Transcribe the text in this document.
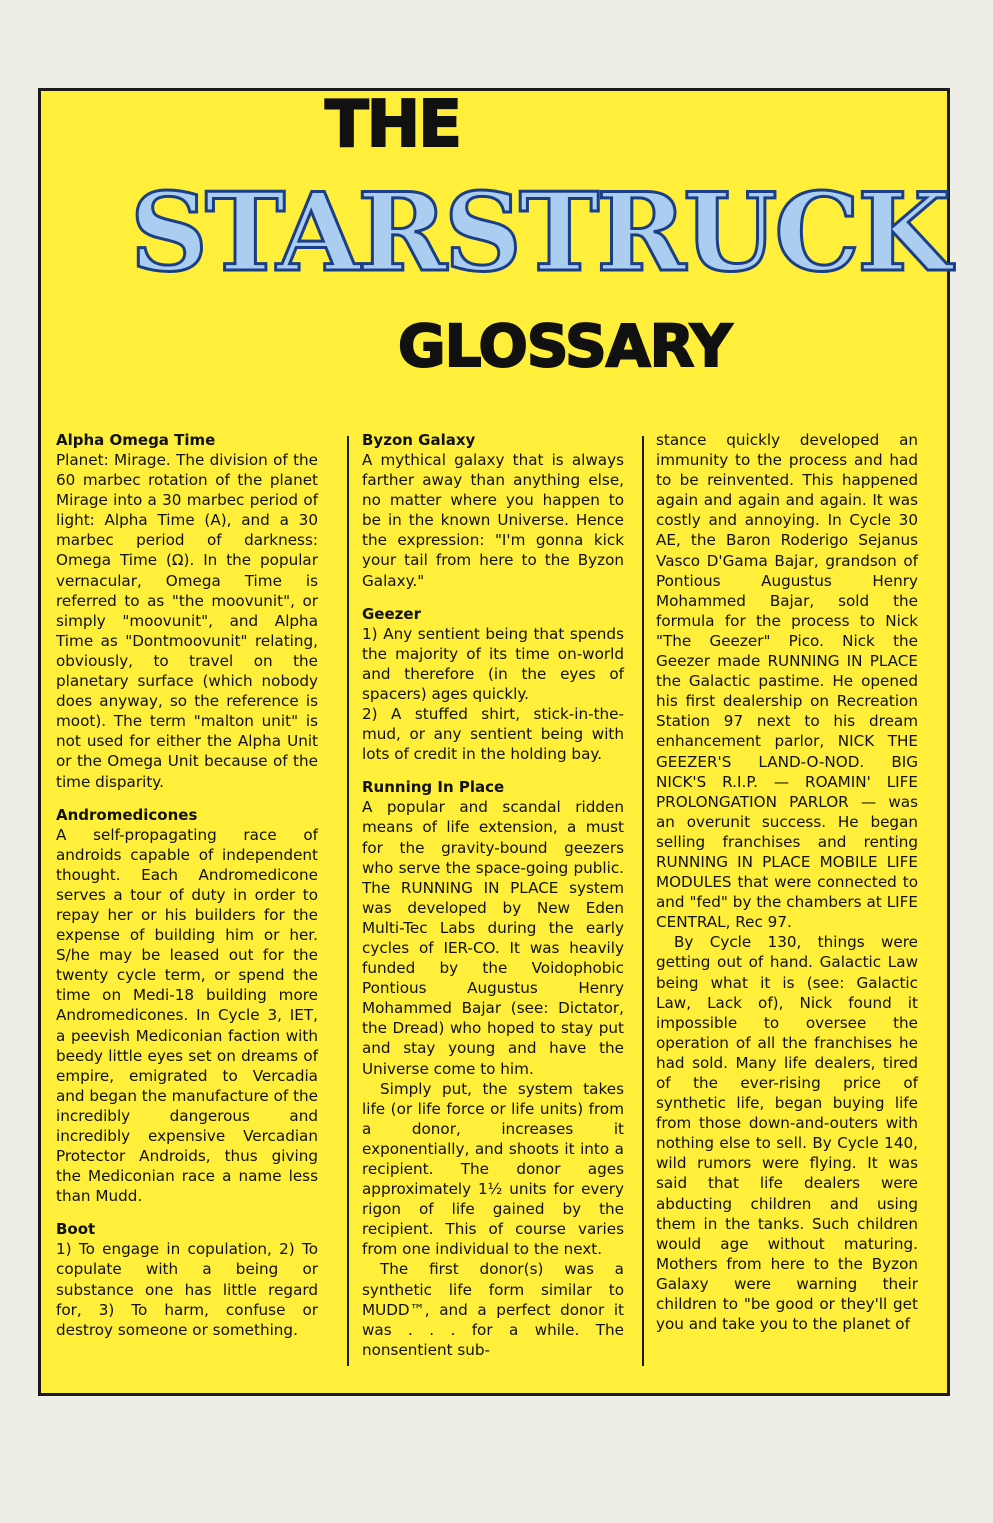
THE
STARSTRUCK
GLOSSARY
Alpha Omega Time
Planet: Mirage. The division of the 60 marbec rotation of the planet Mirage into a 30 marbec period of light: Alpha Time (A), and a 30 marbec period of darkness: Omega Time (Ω). In the popular vernacular, Omega Time is referred to as "the moovunit", or simply "moovunit", and Alpha Time as "Dontmoovunit" relating, obviously, to travel on the planetary surface (which nobody does anyway, so the reference is moot). The term "malton unit" is not used for either the Alpha Unit or the Omega Unit because of the time disparity.
Andromedicones
A self-propagating race of androids capable of independent thought. Each Andromedicone serves a tour of duty in order to repay her or his builders for the expense of building him or her. S/he may be leased out for the twenty cycle term, or spend the time on Medi-18 building more Andromedicones. In Cycle 3, IET, a peevish Mediconian faction with beedy little eyes set on dreams of empire, emigrated to Vercadia and began the manufacture of the incredibly dangerous and incredibly expensive Vercadian Protector Androids, thus giving the Mediconian race a name less than Mudd.
Boot
1) To engage in copulation, 2) To copulate with a being or substance one has little regard for, 3) To harm, confuse or destroy someone or something.
Byzon Galaxy
A mythical galaxy that is always farther away than anything else, no matter where you happen to be in the known Universe. Hence the expression: "I'm gonna kick your tail from here to the Byzon Galaxy."
Geezer

1) Any sentient being that spends the majority of its time on-world and therefore (in the eyes of spacers) ages quickly.

2) A stuffed shirt, stick-in-the-mud, or any sentient being with lots of credit in the holding bay.

Running In Place

A popular and scandal ridden means of life extension, a must for the gravity-bound geezers who serve the space-going public. The RUNNING IN PLACE system was developed by New Eden Multi-Tec Labs during the early cycles of IER-CO. It was heavily funded by the Voidophobic Pontious Augustus Henry Mohammed Bajar (see: Dictator, the Dread) who hoped to stay put and stay young and have the Universe come to him.

Simply put, the system takes life (or life force or life units) from a donor, increases it exponentially, and shoots it into a recipient. The donor ages approximately 1½ units for every rigon of life gained by the recipient. This of course varies from one individual to the next.

The first donor(s) was a synthetic life form similar to MUDD™, and a perfect donor it was . . . for a while. The nonsentient sub-

stance quickly developed an immunity to the process and had to be reinvented. This happened again and again and again. It was costly and annoying. In Cycle 30 AE, the Baron Roderigo Sejanus Vasco D'Gama Bajar, grandson of Pontious Augustus Henry Mohammed Bajar, sold the formula for the process to Nick "The Geezer" Pico. Nick the Geezer made RUNNING IN PLACE the Galactic pastime. He opened his first dealership on Recreation Station 97 next to his dream enhancement parlor, NICK THE GEEZER'S LAND-O-NOD. BIG NICK'S R.I.P. — ROAMIN' LIFE PROLONGATION PARLOR — was an overunit success. He began selling franchises and renting RUNNING IN PLACE MOBILE LIFE MODULES that were connected to and "fed" by the chambers at LIFE CENTRAL, Rec 97.

By Cycle 130, things were getting out of hand. Galactic Law being what it is (see: Galactic Law, Lack of), Nick found it impossible to oversee the operation of all the franchises he had sold. Many life dealers, tired of the ever-rising price of synthetic life, began buying life from those down-and-outers with nothing else to sell. By Cycle 140, wild rumors were flying. It was said that life dealers were abducting children and using them in the tanks. Such children would age without maturing. Mothers from here to the Byzon Galaxy were warning their children to "be good or they'll get you and take you to the planet of
